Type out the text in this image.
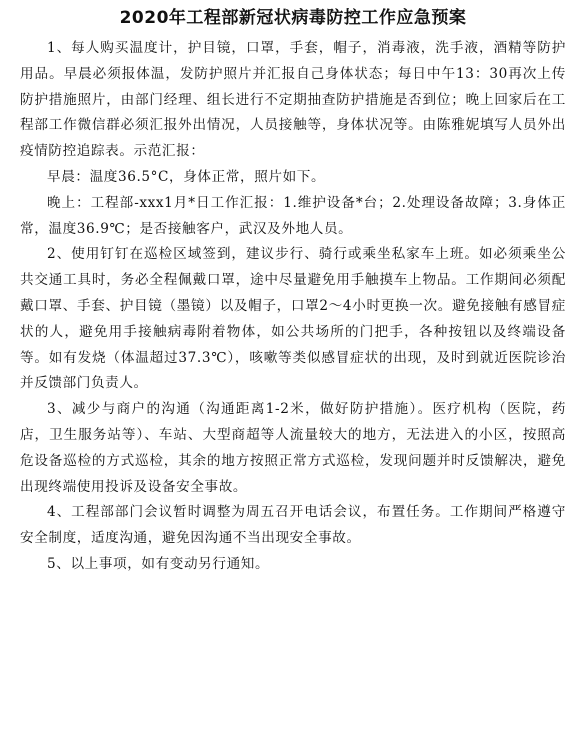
2020年工程部新冠状病毒防控工作应急预案

1、每人购买温度计，护目镜，口罩，手套，帽子，消毒液，洗手液，酒精等防护用品。早晨必须报体温，发防护照片并汇报自己身体状态；每日中午13：30再次上传防护措施照片，由部门经理、组长进行不定期抽查防护措施是否到位；晚上回家后在工程部工作微信群必须汇报外出情况，人员接触等，身体状况等。由陈雅妮填写人员外出疫情防控追踪表。示范汇报：

早晨：温度36.5°C，身体正常，照片如下。

晚上：工程部-xxx1月*日工作汇报：1.维护设备*台；2.处理设备故障；3.身体正常，温度36.9℃；是否接触客户，武汉及外地人员。

2、使用钉钉在巡检区域签到，建议步行、骑行或乘坐私家车上班。如必须乘坐公共交通工具时，务必全程佩戴口罩，途中尽量避免用手触摸车上物品。工作期间必须配戴口罩、手套、护目镜（墨镜）以及帽子，口罩2～4小时更换一次。避免接触有感冒症状的人，避免用手接触病毒附着物体，如公共场所的门把手，各种按钮以及终端设备等。如有发烧（体温超过37.3℃），咳嗽等类似感冒症状的出现，及时到就近医院诊治并反馈部门负责人。

3、减少与商户的沟通（沟通距离1-2米，做好防护措施）。医疗机构（医院，药店，卫生服务站等）、车站、大型商超等人流量较大的地方，无法进入的小区，按照高危设备巡检的方式巡检，其余的地方按照正常方式巡检，发现问题并时反馈解决，避免出现终端使用投诉及设备安全事故。

4、工程部部门会议暂时调整为周五召开电话会议，布置任务。工作期间严格遵守安全制度，适度沟通，避免因沟通不当出现安全事故。

5、以上事项，如有变动另行通知。
